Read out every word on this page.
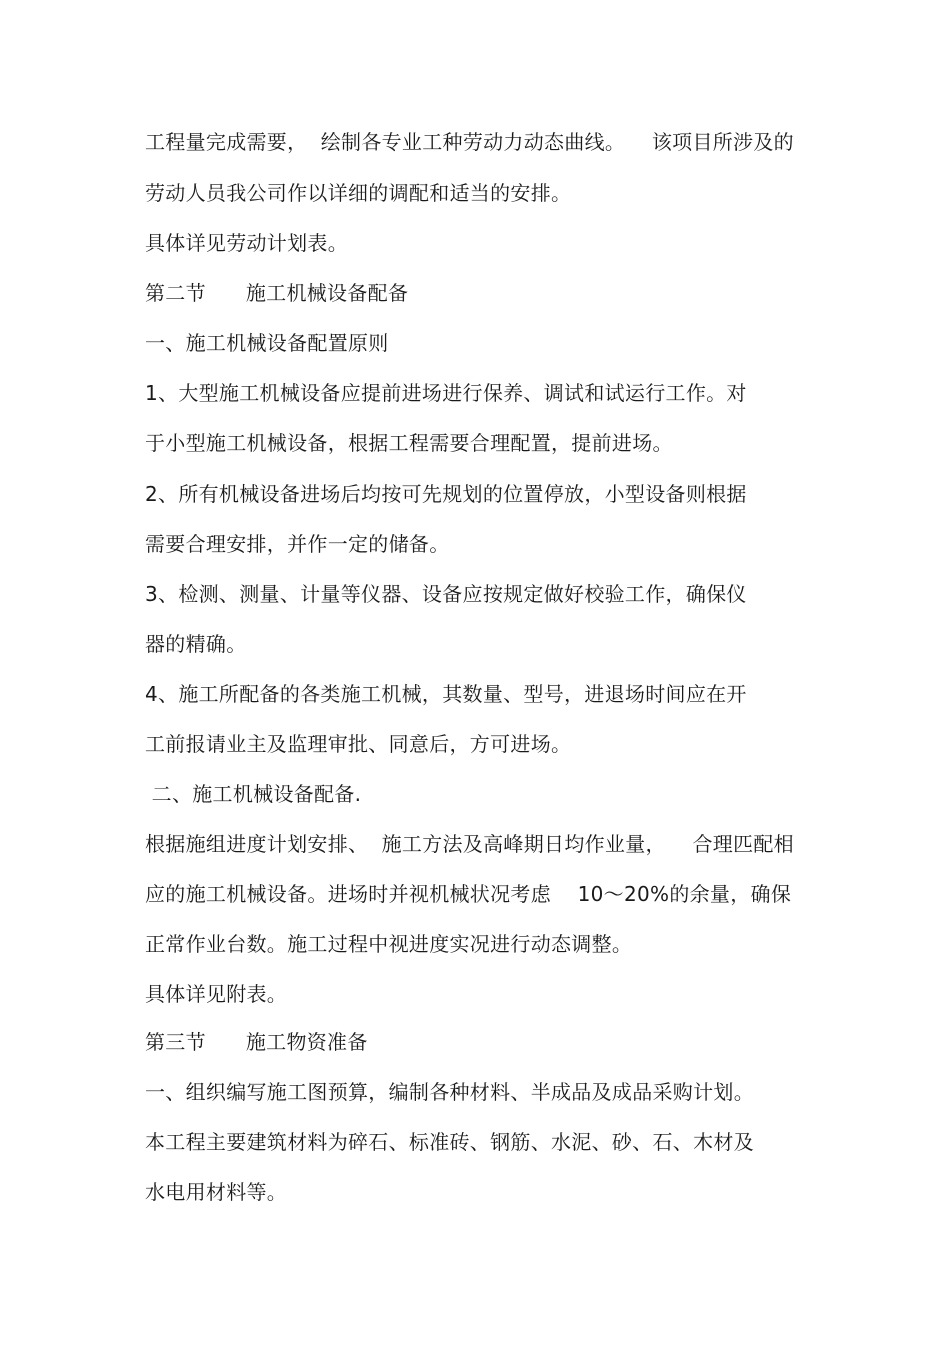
工程量完成需要，  绘制各专业工种劳动力动态曲线。    该项目所涉及的
劳动人员我公司作以详细的调配和适当的安排。
具体详见劳动计划表。
第二节      施工机械设备配备
一、施工机械设备配置原则
1、大型施工机械设备应提前进场进行保养、调试和试运行工作。对
于小型施工机械设备，根据工程需要合理配置，提前进场。
2、所有机械设备进场后均按可先规划的位置停放，小型设备则根据
需要合理安排，并作一定的储备。
3、检测、测量、计量等仪器、设备应按规定做好校验工作，确保仪
器的精确。
4、施工所配备的各类施工机械，其数量、型号，进退场时间应在开
工前报请业主及监理审批、同意后，方可进场。
二、施工机械设备配备.
根据施组进度计划安排、  施工方法及高峰期日均作业量，    合理匹配相
应的施工机械设备。进场时并视机械状况考虑    10～20%的余量，确保
正常作业台数。施工过程中视进度实况进行动态调整。
具体详见附表。
第三节      施工物资准备
一、组织编写施工图预算，编制各种材料、半成品及成品采购计划。
本工程主要建筑材料为碎石、标准砖、钢筋、水泥、砂、石、木材及
水电用材料等。
